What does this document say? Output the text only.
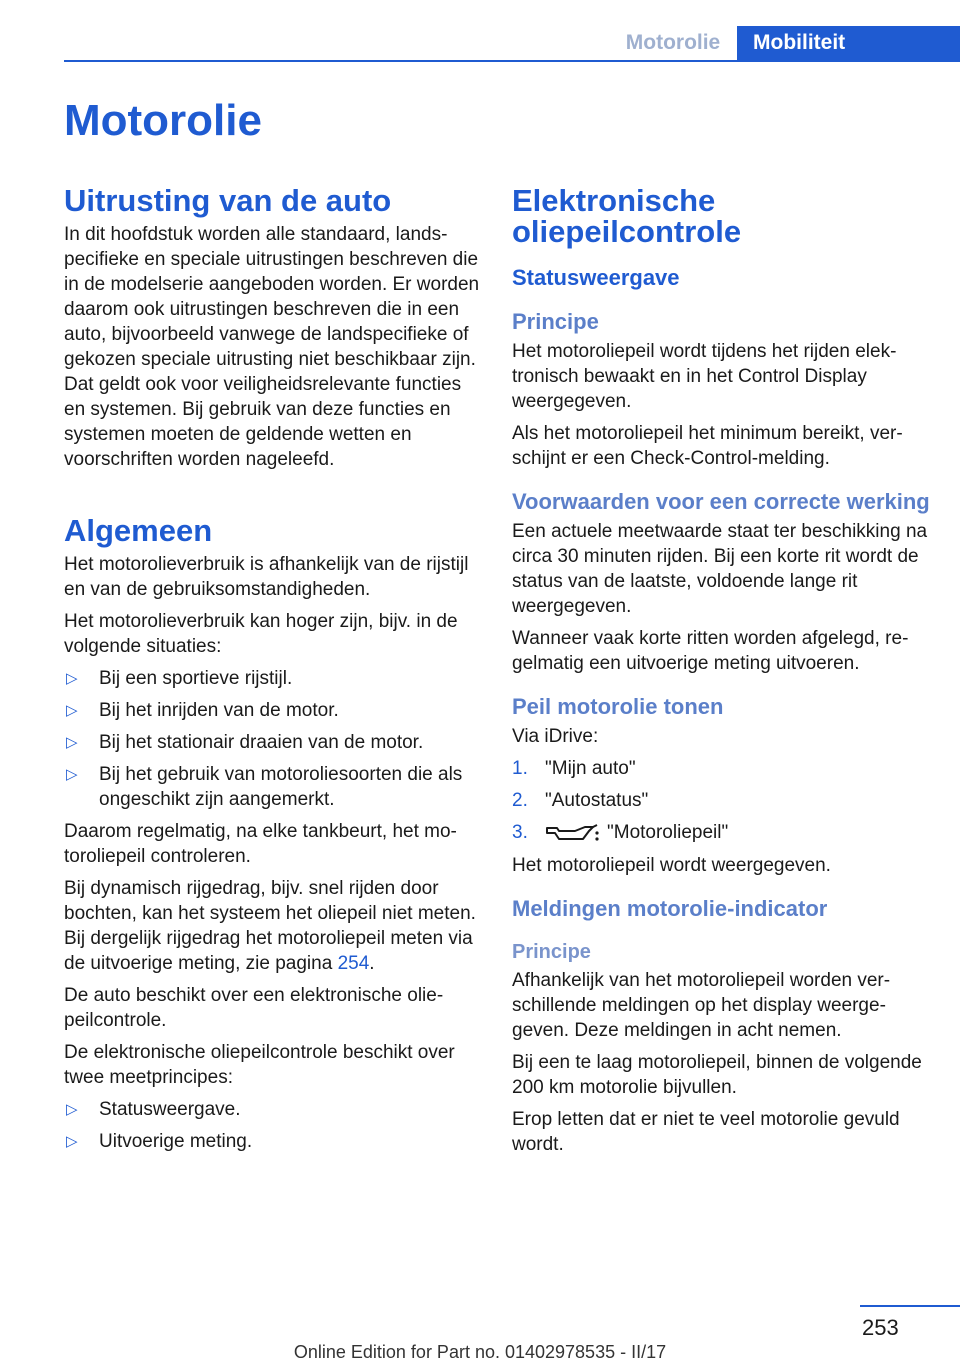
Motorolie	Mobiliteit
Motorolie
Uitrusting van de auto

In dit hoofdstuk worden alle standaard, landspecifieke en speciale uitrustingen beschreven die in de modelserie aangeboden worden. Er worden daarom ook uitrustingen beschreven die in een auto, bijvoorbeeld vanwege de landspecifieke of gekozen speciale uitrusting niet beschikbaar zijn. Dat geldt ook voor veiligheidsrelevante functies en systemen. Bij gebruik van deze functies en systemen moeten de geldende wetten en voorschriften worden nageleefd.

Algemeen

Het motorolieverbruik is afhankelijk van de rijstijl en van de gebruiksomstandigheden.

Het motorolieverbruik kan hoger zijn, bijv. in de volgende situaties:

▷ Bij een sportieve rijstijl.
▷ Bij het inrijden van de motor.
▷ Bij het stationair draaien van de motor.
▷ Bij het gebruik van motoroliesoorten die als ongeschikt zijn aangemerkt.

Daarom regelmatig, na elke tankbeurt, het motoroliepeil controleren.

Bij dynamisch rijgedrag, bijv. snel rijden door bochten, kan het systeem het oliepeil niet meten. Bij dergelijk rijgedrag het motoroliepeil meten via de uitvoerige meting, zie pagina 254.

De auto beschikt over een elektronische oliepeilcontrole.

De elektronische oliepeilcontrole beschikt over twee meetprincipes:

▷ Statusweergave.
▷ Uitvoerige meting.
Elektronische oliepeilcontrole
Statusweergave
Principe

Het motoroliepeil wordt tijdens het rijden elektronisch bewaakt en in het Control Display weergegeven.

Als het motoroliepeil het minimum bereikt, verschijnt er een Check-Control-melding.

Voorwaarden voor een correcte werking

Een actuele meetwaarde staat ter beschikking na circa 30 minuten rijden. Bij een korte rit wordt de status van de laatste, voldoende lange rit weergegeven.

Wanneer vaak korte ritten worden afgelegd, regelmatig een uitvoerige meting uitvoeren.

Peil motorolie tonen

Via iDrive:

1. "Mijn auto"
2. "Autostatus"
3.	"Motoroliepeil"

Het motoroliepeil wordt weergegeven.

Meldingen motorolie-indicator
Principe

Afhankelijk van het motoroliepeil worden verschillende meldingen op het display weergegeven. Deze meldingen in acht nemen.

Bij een te laag motoroliepeil, binnen de volgende 200 km motorolie bijvullen.

Erop letten dat er niet te veel motorolie gevuld wordt.

253
Online Edition for Part no. 01402978535 - II/17
